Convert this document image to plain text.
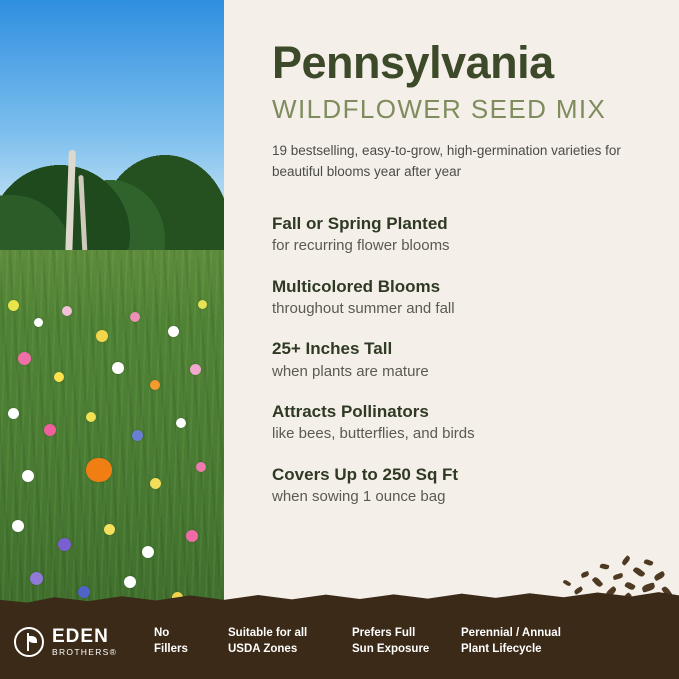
Pennsylvania
WILDFLOWER SEED MIX

19 bestselling, easy-to-grow, high-germination varieties for beautiful blooms year after year

Fall or Spring Planted
for recurring flower blooms
Multicolored Blooms
throughout summer and fall
25+ Inches Tall
when plants are mature
Attracts Pollinators
like bees, butterflies, and birds
Covers Up to 250 Sq Ft
when sowing 1 ounce bag
EDEN
BROTHERS®
No
Fillers
Suitable for all
USDA Zones
Prefers Full
Sun Exposure
Perennial / Annual
Plant Lifecycle
